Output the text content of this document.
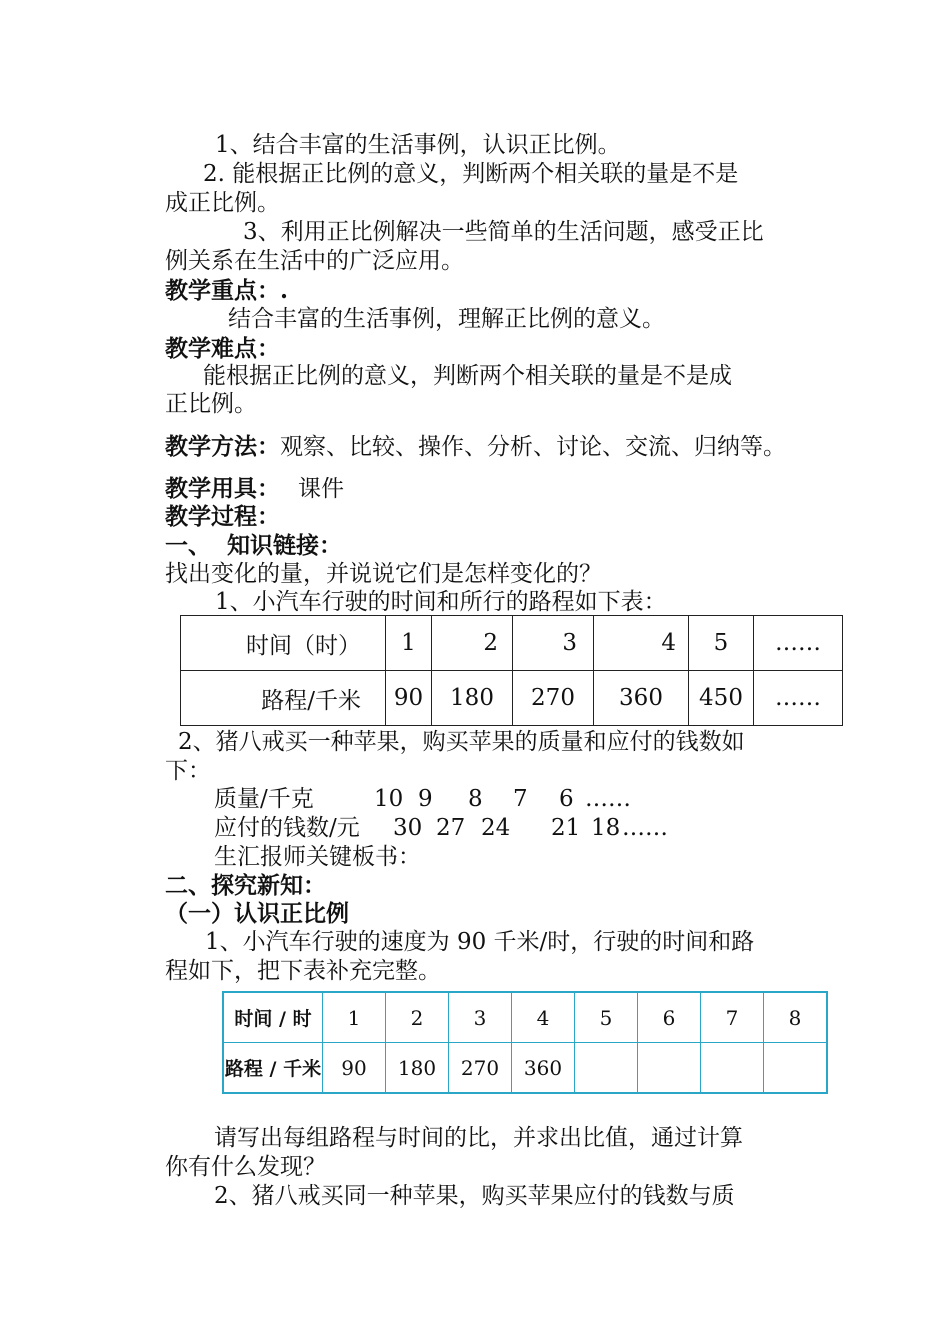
1、结合丰富的生活事例，认识正比例。
2. 能根据正比例的意义，判断两个相关联的量是不是
成正比例。
3、利用正比例解决一些简单的生活问题，感受正比
例关系在生活中的广泛应用。
教学重点：.
结合丰富的生活事例，理解正比例的意义。
教学难点：
能根据正比例的意义，判断两个相关联的量是不是成
正比例。
教学方法：观察、比较、操作、分析、讨论、交流、归纳等。
教学用具： 课件
教学过程：
一、  知识链接：
找出变化的量，并说说它们是怎样变化的？
1、小汽车行驶的时间和所行的路程如下表：
时间（时）	1	2	3	4	5	……
路程/千米	90	180	270	360	450	……
2、猪八戒买一种苹果，购买苹果的质量和应付的钱数如
下：
质量/千克	10 9 8 7 6 ……
应付的钱数/元 30 27 24 21 18 ……
生汇报师关键板书：
二、探究新知：
（一）认识正比例
1、小汽车行驶的速度为 90 千米/时，行驶的时间和路
程如下，把下表补充完整。
时间 / 时	1	2	3	4	5	6	7	8
路程 / 千米	90	180	270	360				
请写出每组路程与时间的比，并求出比值，通过计算
你有什么发现？
2、猪八戒买同一种苹果，购买苹果应付的钱数与质
